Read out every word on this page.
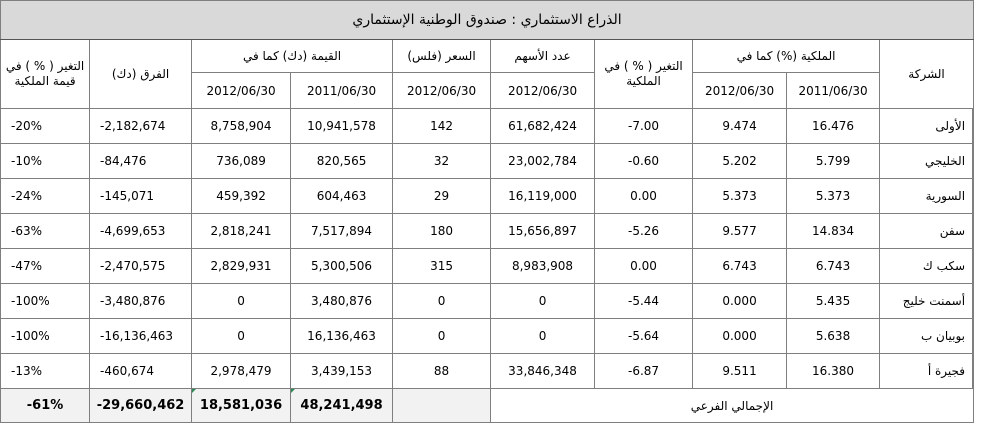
الذراع الاستثماري : صندوق الوطنية الإستثماري									
الشركة	الملكية (%) كما في		التغير ( % ) في الملكية	عدد الأسهم	السعر (فلس)	القيمة (دك) كما في		الفرق (دك)	التغير ( % ) في قيمة الملكية
	2011/06/30	2012/06/30		2012/06/30	2012/06/30	2011/06/30	2012/06/30		
الأولى	16.476	9.474	-7.00	61,682,424	142	10,941,578	8,758,904	-2,182,674	-20%
الخليجي	5.799	5.202	-0.60	23,002,784	32	820,565	736,089	-84,476	-10%
السورية	5.373	5.373	0.00	16,119,000	29	604,463	459,392	-145,071	-24%
سفن	14.834	9.577	-5.26	15,656,897	180	7,517,894	2,818,241	-4,699,653	-63%
سكب ك	6.743	6.743	0.00	8,983,908	315	5,300,506	2,829,931	-2,470,575	-47%
أسمنت خليج	5.435	0.000	-5.44	0	0	3,480,876	0	-3,480,876	-100%
بوبيان ب	5.638	0.000	-5.64	0	0	16,136,463	0	-16,136,463	-100%
فجيرة أ	16.380	9.511	-6.87	33,846,348	88	3,439,153	2,978,479	-460,674	-13%
الإجمالي الفرعي						48,241,498	18,581,036	-29,660,462	-61%
